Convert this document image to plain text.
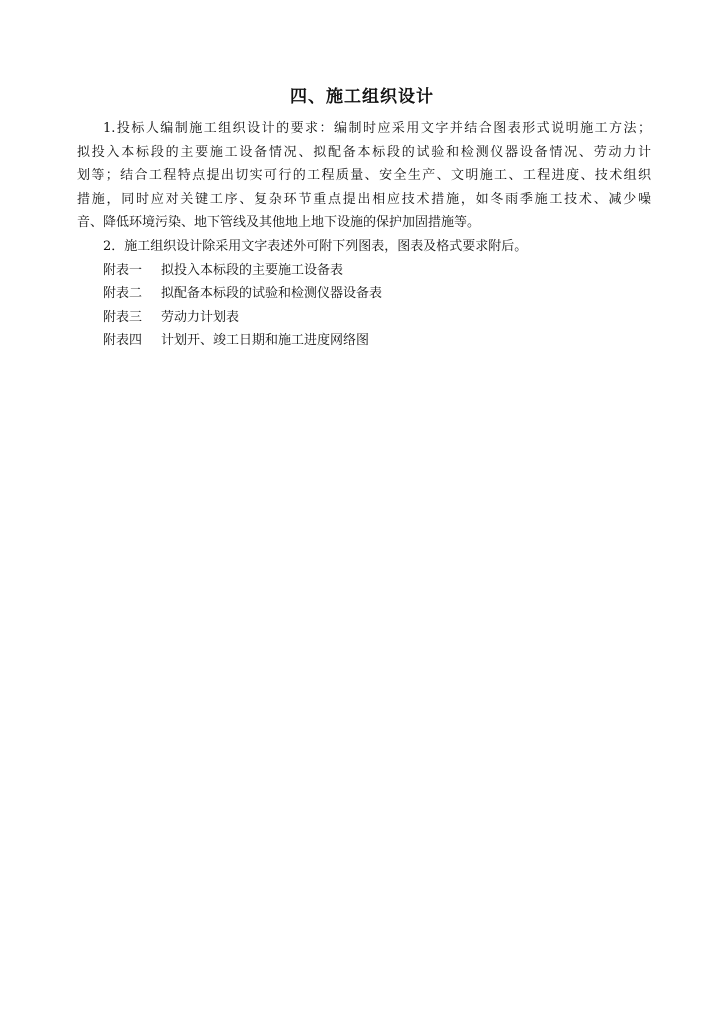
四、施工组织设计
1.投标人编制施工组织设计的要求：编制时应采用文字并结合图表形式说明施工方法；
拟投入本标段的主要施工设备情况、拟配备本标段的试验和检测仪器设备情况、劳动力计
划等；结合工程特点提出切实可行的工程质量、安全生产、文明施工、工程进度、技术组织
措施，同时应对关键工序、复杂环节重点提出相应技术措施，如冬雨季施工技术、减少噪
音、降低环境污染、地下管线及其他地上地下设施的保护加固措施等。

2．施工组织设计除采用文字表述外可附下列图表，图表及格式要求附后。

附表一 拟投入本标段的主要施工设备表

附表二 拟配备本标段的试验和检测仪器设备表

附表三 劳动力计划表

附表四 计划开、竣工日期和施工进度网络图
